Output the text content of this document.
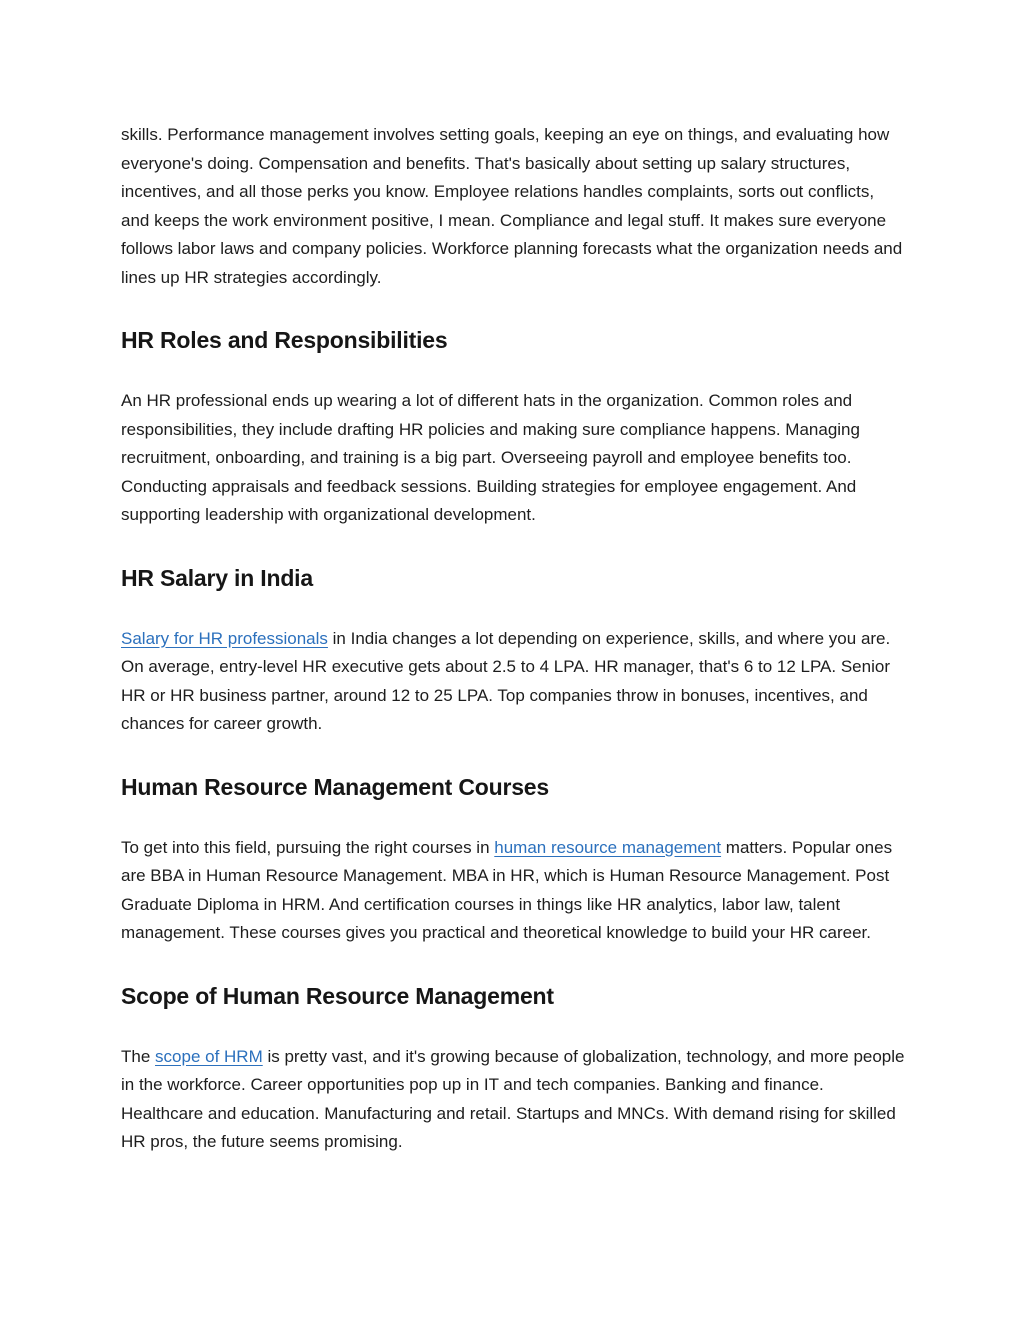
skills. Performance management involves setting goals, keeping an eye on things, and evaluating how everyone's doing. Compensation and benefits. That's basically about setting up salary structures, incentives, and all those perks you know. Employee relations handles complaints, sorts out conflicts, and keeps the work environment positive, I mean. Compliance and legal stuff. It makes sure everyone follows labor laws and company policies. Workforce planning forecasts what the organization needs and lines up HR strategies accordingly.

HR Roles and Responsibilities

An HR professional ends up wearing a lot of different hats in the organization. Common roles and responsibilities, they include drafting HR policies and making sure compliance happens. Managing recruitment, onboarding, and training is a big part. Overseeing payroll and employee benefits too. Conducting appraisals and feedback sessions. Building strategies for employee engagement. And supporting leadership with organizational development.

HR Salary in India

Salary for HR professionals in India changes a lot depending on experience, skills, and where you are. On average, entry-level HR executive gets about 2.5 to 4 LPA. HR manager, that's 6 to 12 LPA. Senior HR or HR business partner, around 12 to 25 LPA. Top companies throw in bonuses, incentives, and chances for career growth.

Human Resource Management Courses

To get into this field, pursuing the right courses in human resource management matters. Popular ones are BBA in Human Resource Management. MBA in HR, which is Human Resource Management. Post Graduate Diploma in HRM. And certification courses in things like HR analytics, labor law, talent management. These courses gives you practical and theoretical knowledge to build your HR career.

Scope of Human Resource Management

The scope of HRM is pretty vast, and it's growing because of globalization, technology, and more people in the workforce. Career opportunities pop up in IT and tech companies. Banking and finance. Healthcare and education. Manufacturing and retail. Startups and MNCs. With demand rising for skilled HR pros, the future seems promising.
